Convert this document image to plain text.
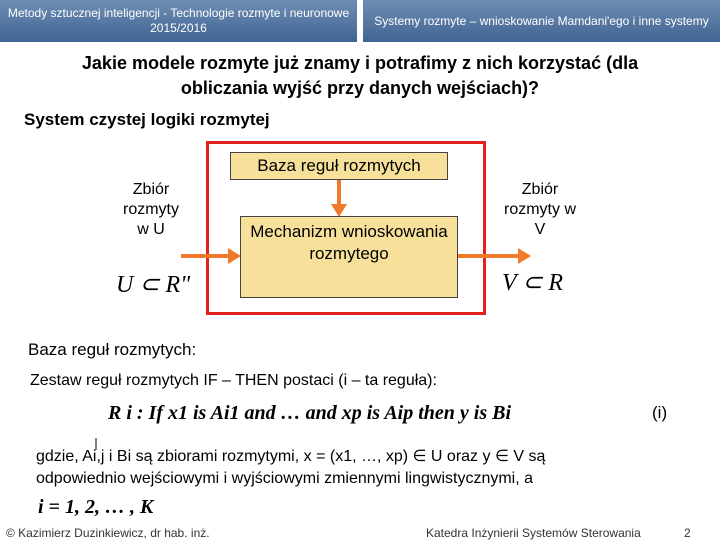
Metody sztucznej inteligencji - Technologie rozmyte i neuronowe 2015/2016
Systemy rozmyte – wnioskowanie Mamdani'ego i inne systemy
Jakie modele rozmyte już znamy i potrafimy z nich korzystać (dla obliczania wyjść przy danych wejściach)?
System czystej logiki rozmytej
Baza reguł rozmytych
Mechanizm wnioskowania rozmytego
Zbiór rozmyty w U
Zbiór rozmyty w V
U ⊂ R"	V ⊂ R
Baza reguł rozmytych:
Zestaw reguł rozmytych IF – THEN postaci (i – ta reguła):
R i : If x1 is Ai1 and … and xp is Aip then y is Bi	(i)
gdzie, Ai,j i Bi są zbiorami rozmytymi, x = (x1, …, xp) ∈ U oraz y ∈ V są
odpowiednio wejściowymi i wyjściowymi zmiennymi lingwistycznymi, a
i = 1, 2, … , K
© Kazimierz Duzinkiewicz, dr hab. inż.	Katedra Inżynierii Systemów Sterowania	2
